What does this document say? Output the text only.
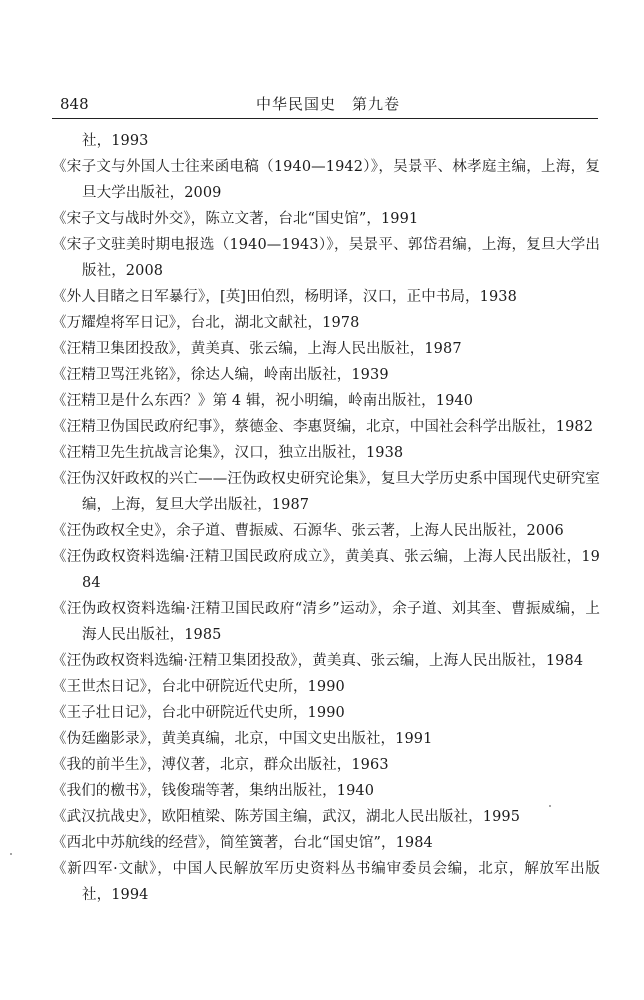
848	中华民国史　第九卷

社，1993

《宋子文与外国人士往来函电稿（1940—1942）》，吴景平、林孝庭主编，上海，复旦大学出版社，2009

《宋子文与战时外交》，陈立文著，台北“国史馆”，1991

《宋子文驻美时期电报选（1940—1943）》，吴景平、郭岱君编，上海，复旦大学出版社，2008

《外人目睹之日军暴行》，[英]田伯烈，杨明译，汉口，正中书局，1938

《万耀煌将军日记》，台北，湖北文献社，1978

《汪精卫集团投敌》，黄美真、张云编，上海人民出版社，1987

《汪精卫骂汪兆铭》，徐达人编，岭南出版社，1939

《汪精卫是什么东西？》第 4 辑，祝小明编，岭南出版社，1940

《汪精卫伪国民政府纪事》，蔡德金、李惠贤编，北京，中国社会科学出版社，1982

《汪精卫先生抗战言论集》，汉口，独立出版社，1938

《汪伪汉奸政权的兴亡——汪伪政权史研究论集》，复旦大学历史系中国现代史研究室编，上海，复旦大学出版社，1987

《汪伪政权全史》，余子道、曹振威、石源华、张云著，上海人民出版社，2006

《汪伪政权资料选编·汪精卫国民政府成立》，黄美真、张云编，上海人民出版社，1984

《汪伪政权资料选编·汪精卫国民政府“清乡”运动》，余子道、刘其奎、曹振威编，上海人民出版社，1985

《汪伪政权资料选编·汪精卫集团投敌》，黄美真、张云编，上海人民出版社，1984

《王世杰日记》，台北中研院近代史所，1990

《王子壮日记》，台北中研院近代史所，1990

《伪廷幽影录》，黄美真编，北京，中国文史出版社，1991

《我的前半生》，溥仪著，北京，群众出版社，1963

《我们的檄书》，钱俊瑞等著，集纳出版社，1940

《武汉抗战史》，欧阳植梁、陈芳国主编，武汉，湖北人民出版社，1995

《西北中苏航线的经营》，简笙簧著，台北“国史馆”，1984

《新四军·文献》，中国人民解放军历史资料丛书编审委员会编，北京，解放军出版社，1994
